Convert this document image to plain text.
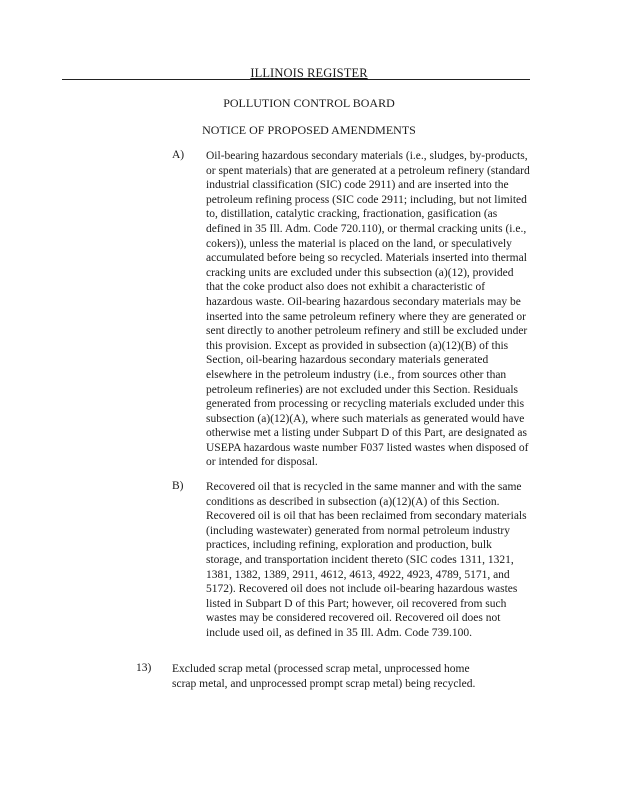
ILLINOIS REGISTER
POLLUTION CONTROL BOARD
NOTICE OF PROPOSED AMENDMENTS
A) Oil-bearing hazardous secondary materials (i.e., sludges, by-products, or spent materials) that are generated at a petroleum refinery (standard industrial classification (SIC) code 2911) and are inserted into the petroleum refining process (SIC code 2911; including, but not limited to, distillation, catalytic cracking, fractionation, gasification (as defined in 35 Ill. Adm. Code 720.110), or thermal cracking units (i.e., cokers)), unless the material is placed on the land, or speculatively accumulated before being so recycled. Materials inserted into thermal cracking units are excluded under this subsection (a)(12), provided that the coke product also does not exhibit a characteristic of hazardous waste. Oil-bearing hazardous secondary materials may be inserted into the same petroleum refinery where they are generated or sent directly to another petroleum refinery and still be excluded under this provision. Except as provided in subsection (a)(12)(B) of this Section, oil-bearing hazardous secondary materials generated elsewhere in the petroleum industry (i.e., from sources other than petroleum refineries) are not excluded under this Section. Residuals generated from processing or recycling materials excluded under this subsection (a)(12)(A), where such materials as generated would have otherwise met a listing under Subpart D of this Part, are designated as USEPA hazardous waste number F037 listed wastes when disposed of or intended for disposal.

B) Recovered oil that is recycled in the same manner and with the same conditions as described in subsection (a)(12)(A) of this Section. Recovered oil is oil that has been reclaimed from secondary materials (including wastewater) generated from normal petroleum industry practices, including refining, exploration and production, bulk storage, and transportation incident thereto (SIC codes 1311, 1321, 1381, 1382, 1389, 2911, 4612, 4613, 4922, 4923, 4789, 5171, and 5172). Recovered oil does not include oil-bearing hazardous wastes listed in Subpart D of this Part; however, oil recovered from such wastes may be considered recovered oil. Recovered oil does not include used oil, as defined in 35 Ill. Adm. Code 739.100.

13) Excluded scrap metal (processed scrap metal, unprocessed home scrap metal, and unprocessed prompt scrap metal) being recycled.
